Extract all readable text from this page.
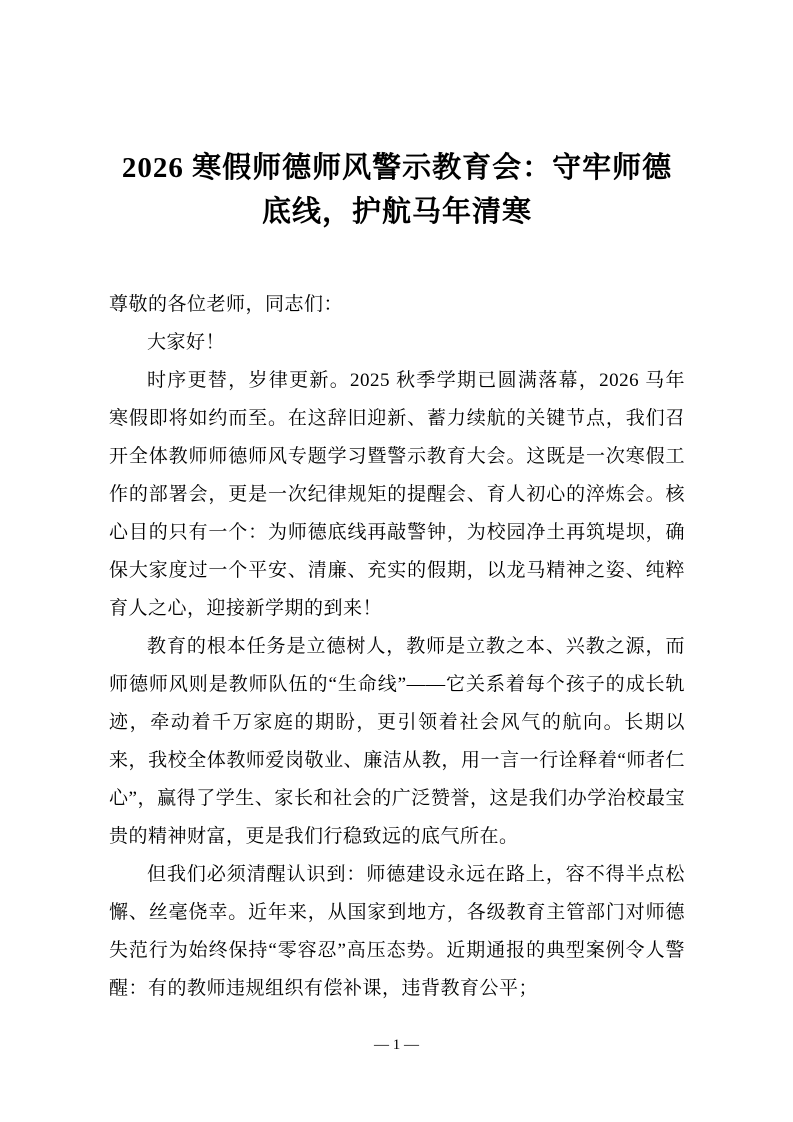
2026 寒假师德师风警示教育会：守牢师德
底线，护航马年清寒

尊敬的各位老师，同志们：

大家好！

时序更替，岁律更新。2025 秋季学期已圆满落幕，2026 马年寒假即将如约而至。在这辞旧迎新、蓄力续航的关键节点，我们召开全体教师师德师风专题学习暨警示教育大会。这既是一次寒假工作的部署会，更是一次纪律规矩的提醒会、育人初心的淬炼会。核心目的只有一个：为师德底线再敲警钟，为校园净土再筑堤坝，确保大家度过一个平安、清廉、充实的假期，以龙马精神之姿、纯粹育人之心，迎接新学期的到来！

教育的根本任务是立德树人，教师是立教之本、兴教之源，而师德师风则是教师队伍的“生命线”——它关系着每个孩子的成长轨迹，牵动着千万家庭的期盼，更引领着社会风气的航向。长期以来，我校全体教师爱岗敬业、廉洁从教，用一言一行诠释着“师者仁心”，赢得了学生、家长和社会的广泛赞誉，这是我们办学治校最宝贵的精神财富，更是我们行稳致远的底气所在。

但我们必须清醒认识到：师德建设永远在路上，容不得半点松懈、丝毫侥幸。近年来，从国家到地方，各级教育主管部门对师德失范行为始终保持“零容忍”高压态势。近期通报的典型案例令人警醒：有的教师违规组织有偿补课，违背教育公平；

— 1 —
